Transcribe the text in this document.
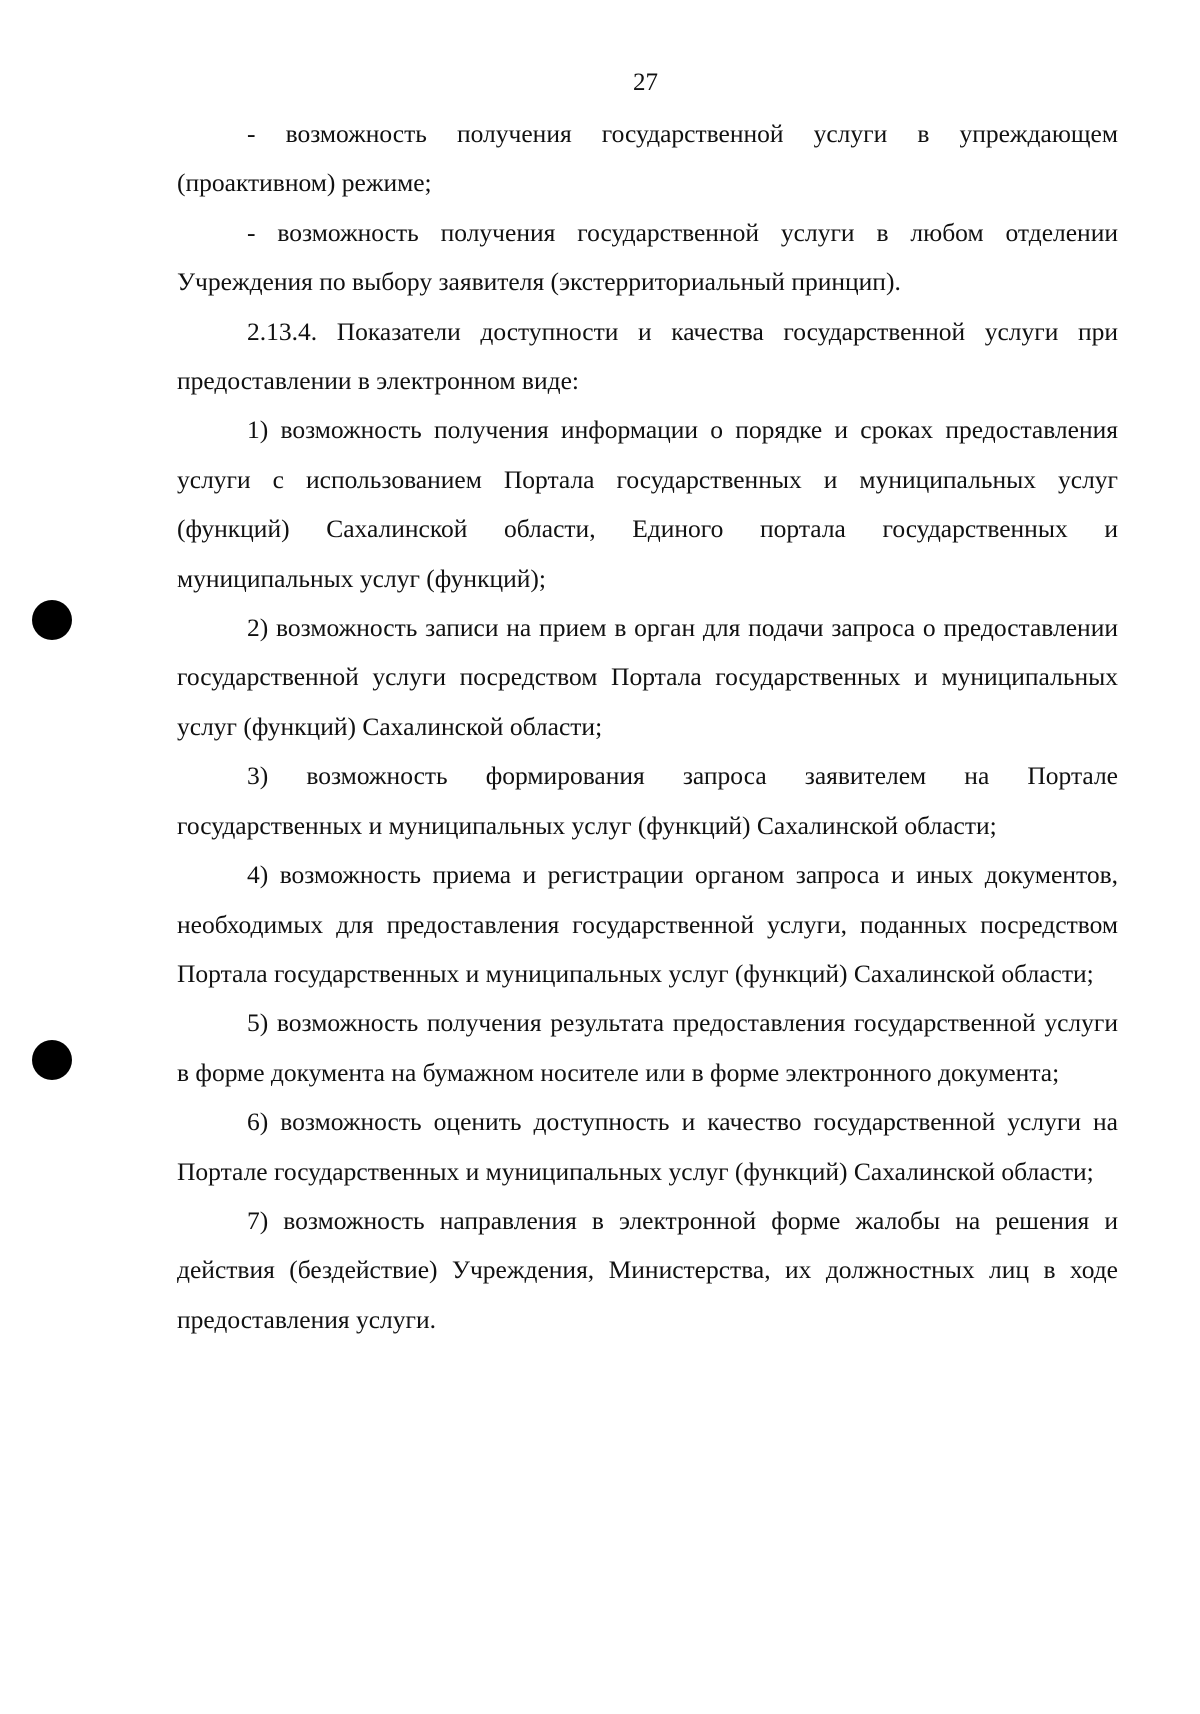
27

- возможность получения государственной услуги в упреждающем (проактивном) режиме;

- возможность получения государственной услуги в любом отделении Учреждения по выбору заявителя (экстерриториальный принцип).

2.13.4. Показатели доступности и качества государственной услуги при предоставлении в электронном виде:

1) возможность получения информации о порядке и сроках предоставления услуги с использованием Портала государственных и муниципальных услуг (функций) Сахалинской области, Единого портала государственных и муниципальных услуг (функций);

2) возможность записи на прием в орган для подачи запроса о предоставлении государственной услуги посредством Портала государственных и муниципальных услуг (функций) Сахалинской области;

3) возможность формирования запроса заявителем на Портале государственных и муниципальных услуг (функций) Сахалинской области;

4) возможность приема и регистрации органом запроса и иных документов, необходимых для предоставления государственной услуги, поданных посредством Портала государственных и муниципальных услуг (функций) Сахалинской области;

5) возможность получения результата предоставления государственной услуги в форме документа на бумажном носителе или в форме электронного документа;

6) возможность оценить доступность и качество государственной услуги на Портале государственных и муниципальных услуг (функций) Сахалинской области;

7) возможность направления в электронной форме жалобы на решения и действия (бездействие) Учреждения, Министерства, их должностных лиц в ходе предоставления услуги.
